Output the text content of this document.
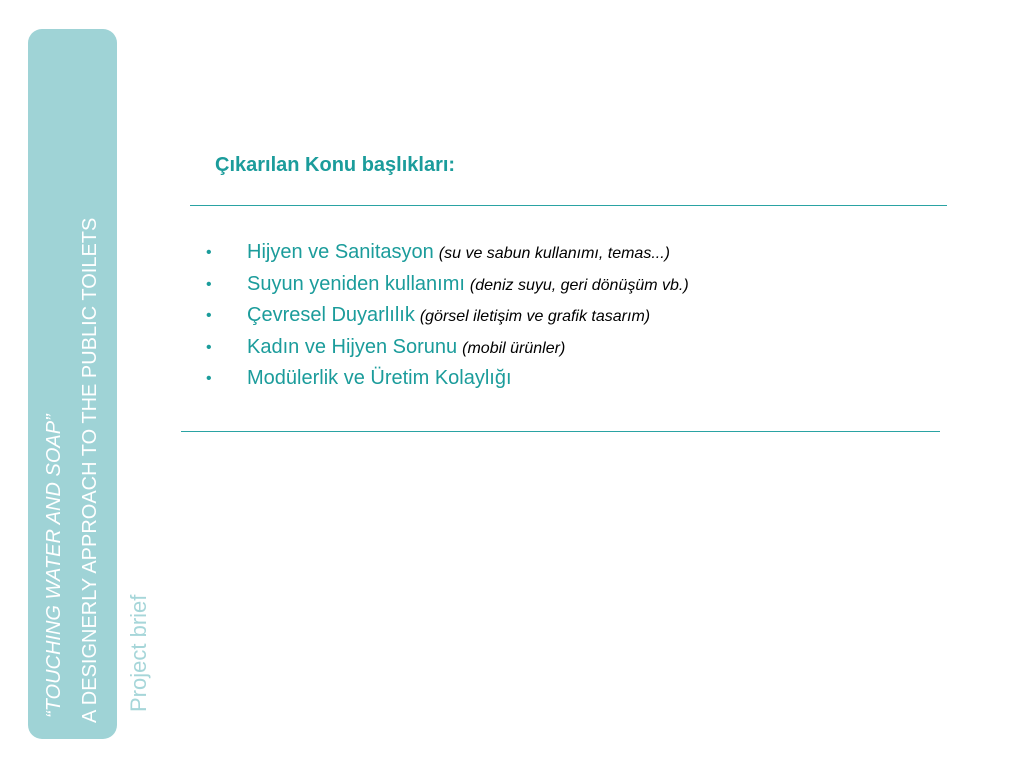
“TOUCHING WATER AND SOAP” A DESIGNERLY APPROACH TO THE PUBLIC TOILETS Project brief
Çıkarılan Konu başlıkları:
• Hijyen ve Sanitasyon (su ve sabun kullanımı, temas...)
• Suyun yeniden kullanımı (deniz suyu, geri dönüşüm vb.)
• Çevresel Duyarlılık (görsel iletişim ve grafik tasarım)
• Kadın ve Hijyen Sorunu (mobil ürünler)
• Modülerlik ve Üretim Kolaylığı
